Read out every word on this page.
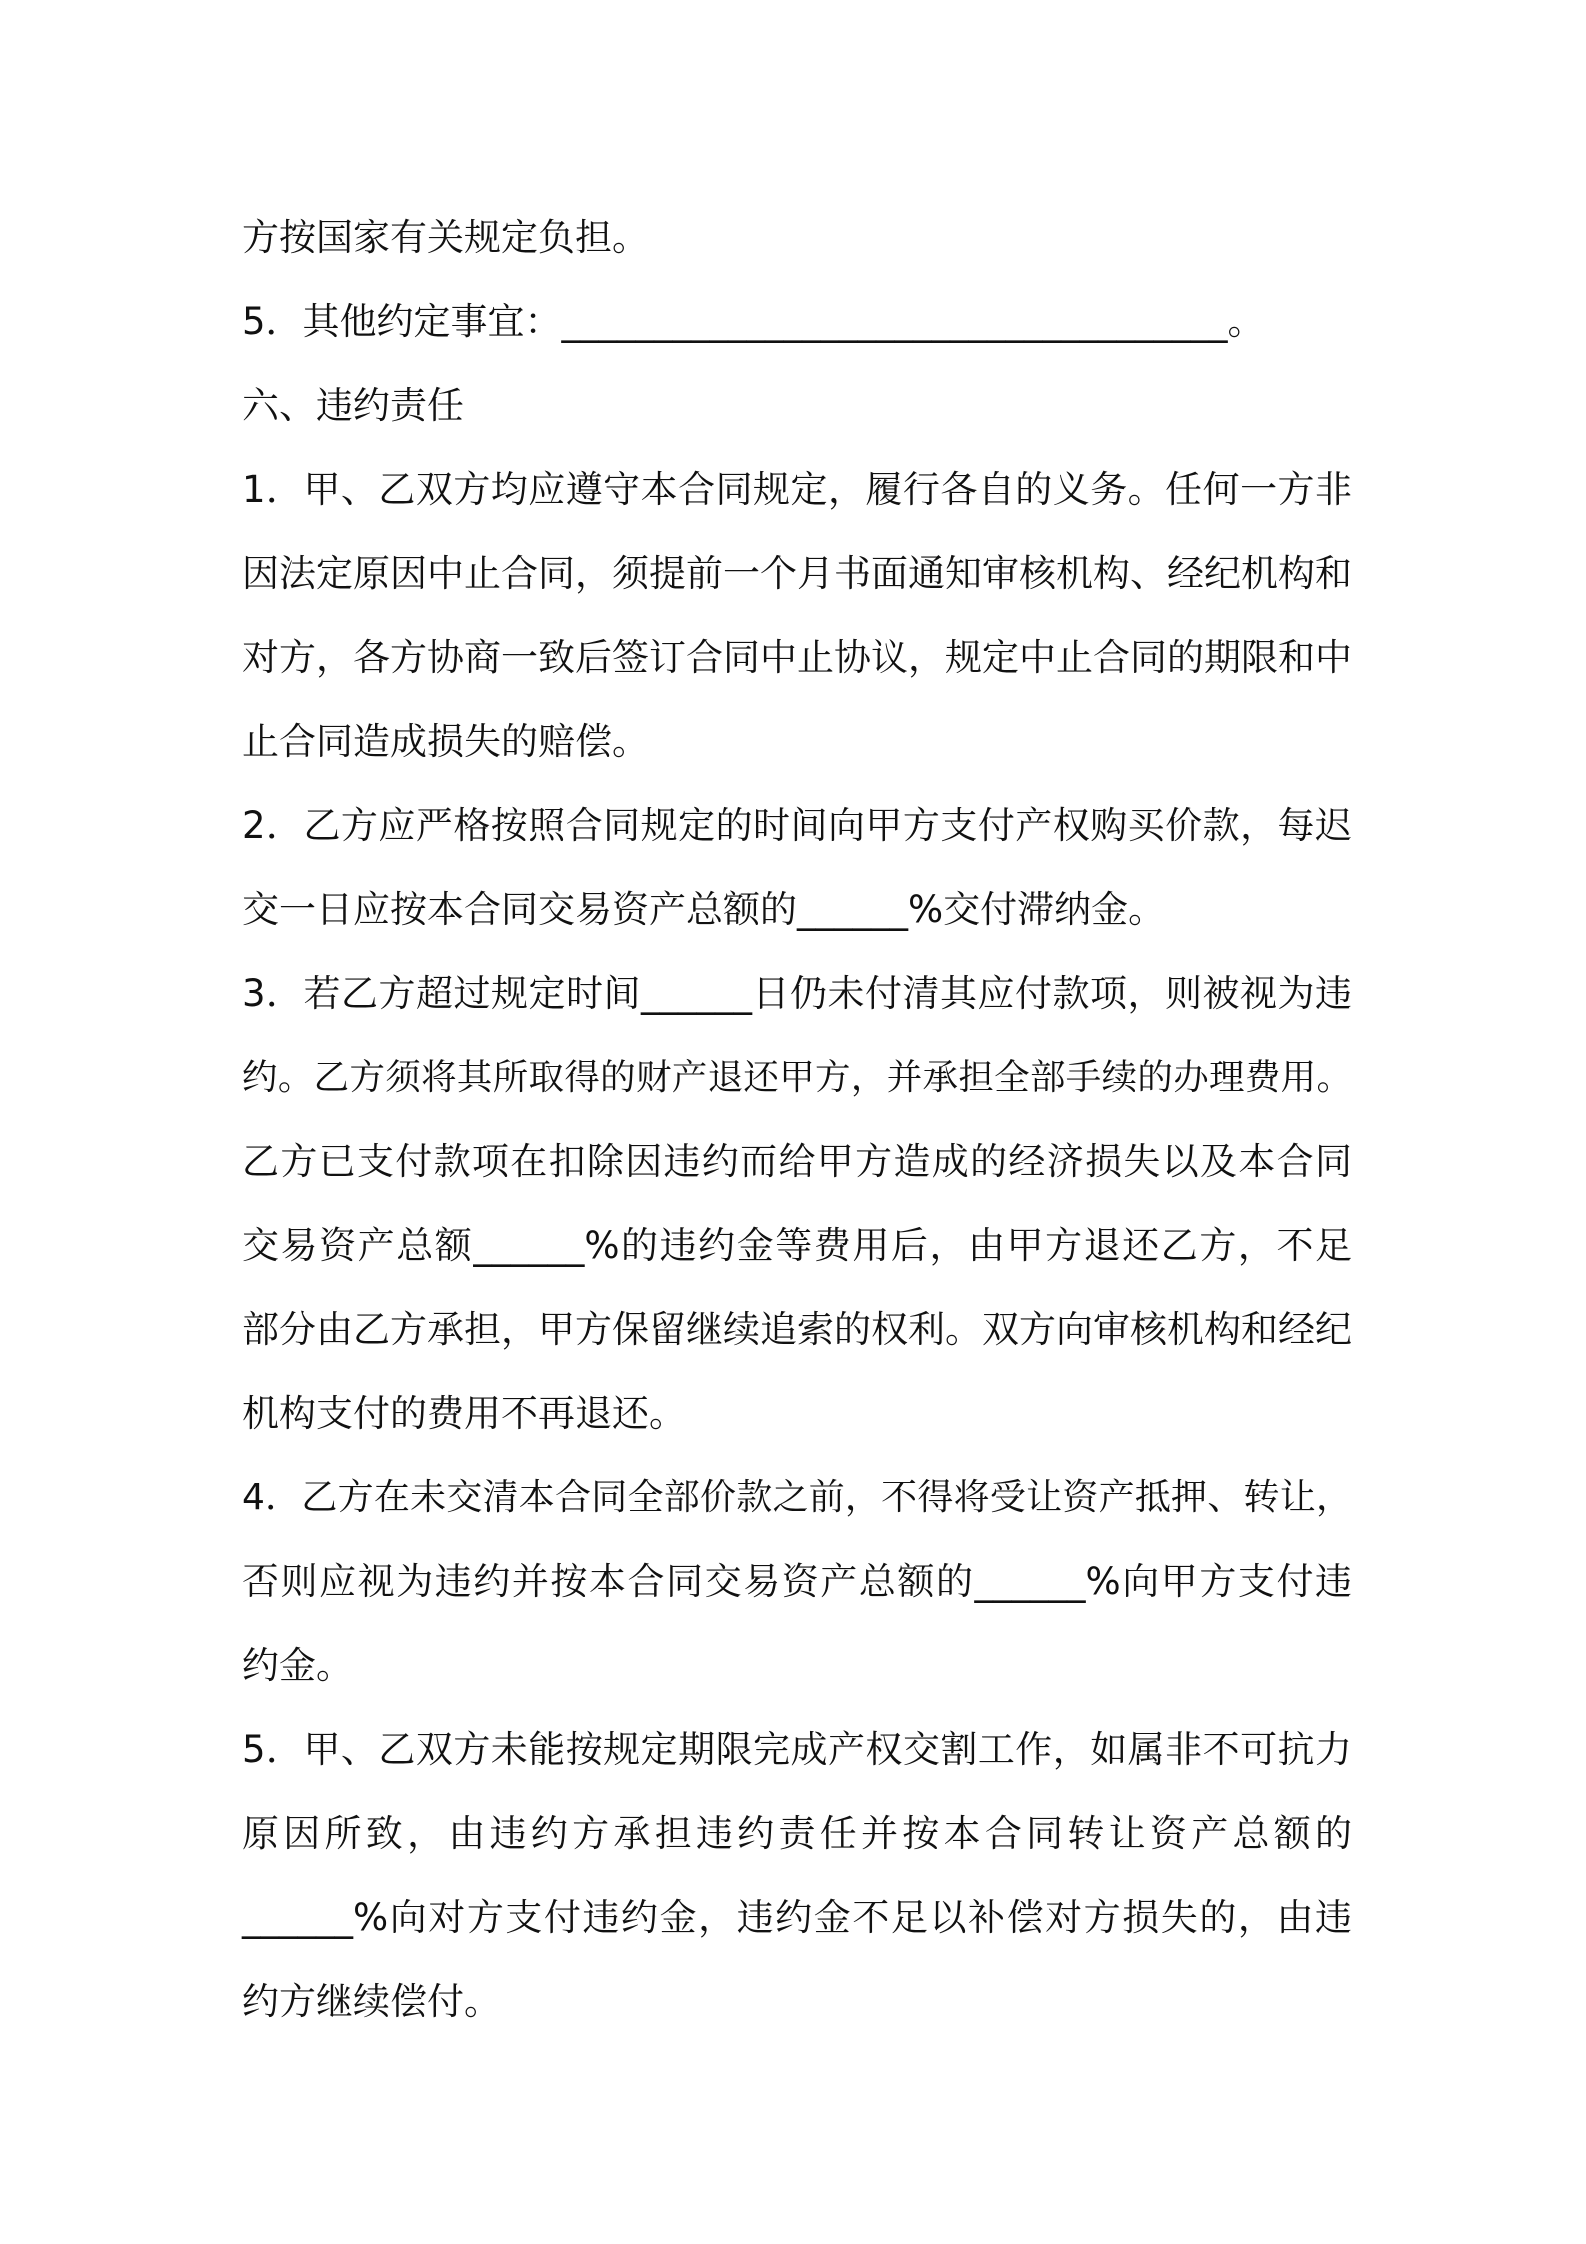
方按国家有关规定负担。
5．其他约定事宜：____________________________________。
六、违约责任
1．甲、乙双方均应遵守本合同规定，履行各自的义务。任何一方非
因法定原因中止合同，须提前一个月书面通知审核机构、经纪机构和
对方，各方协商一致后签订合同中止协议，规定中止合同的期限和中
止合同造成损失的赔偿。
2．乙方应严格按照合同规定的时间向甲方支付产权购买价款，每迟
交一日应按本合同交易资产总额的______%交付滞纳金。
3．若乙方超过规定时间______日仍未付清其应付款项，则被视为违
约。乙方须将其所取得的财产退还甲方，并承担全部手续的办理费用。
乙方已支付款项在扣除因违约而给甲方造成的经济损失以及本合同
交易资产总额______%的违约金等费用后，由甲方退还乙方，不足
部分由乙方承担，甲方保留继续追索的权利。双方向审核机构和经纪
机构支付的费用不再退还。
4．乙方在未交清本合同全部价款之前，不得将受让资产抵押、转让，
否则应视为违约并按本合同交易资产总额的______%向甲方支付违
约金。
5．甲、乙双方未能按规定期限完成产权交割工作，如属非不可抗力
原因所致，由违约方承担违约责任并按本合同转让资产总额的
______%向对方支付违约金，违约金不足以补偿对方损失的，由违
约方继续偿付。
